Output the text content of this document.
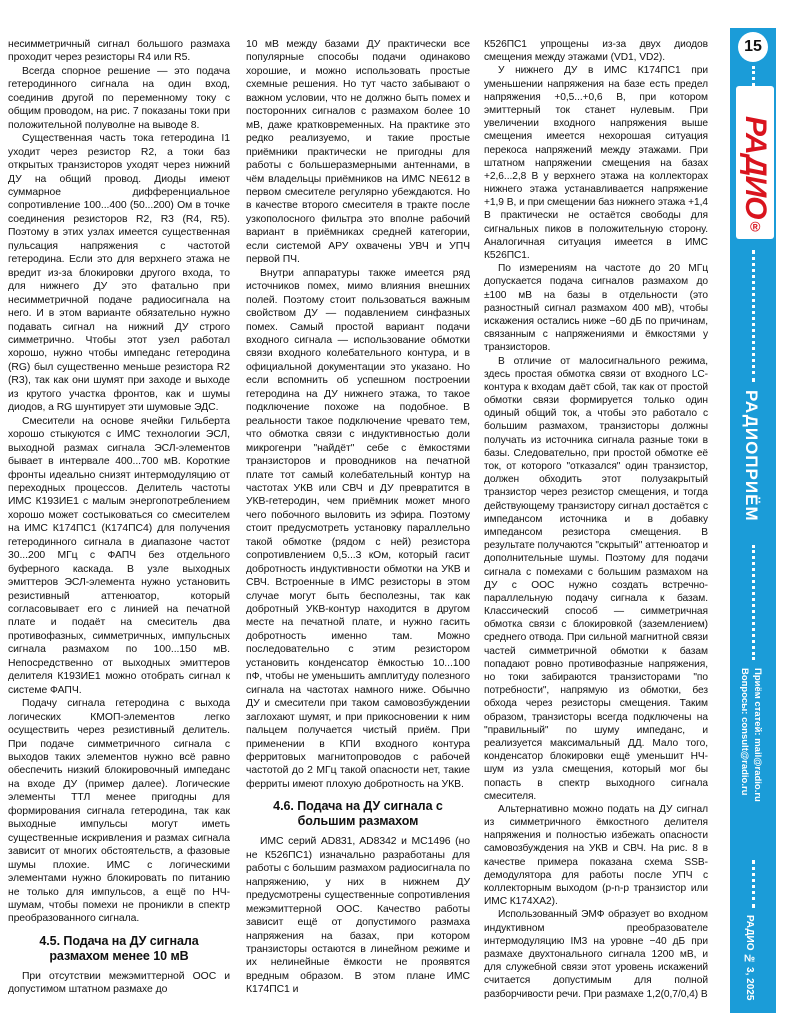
15
РАДИО®
РАДИОПРИЁМ
Приём статей: mail@radio.ru
Вопросы: consult@radio.ru
РАДИО № 3, 2025

несимметричный сигнал большого размаха проходит через резисторы R4 или R5.

Всегда спорное решение — это подача гетеродинного сигнала на один вход, соединив другой по переменному току с общим проводом, на рис. 7 показаны токи при положительной полуволне на выводе 8.

Существенная часть тока гетеродина I1 уходит через резистор R2, а токи баз открытых транзисторов уходят через нижний ДУ на общий провод. Диоды имеют суммарное дифференциальное сопротивление 100...400 (50...200) Ом в точке соединения резисторов R2, R3 (R4, R5). Поэтому в этих узлах имеется существенная пульсация напряжения с частотой гетеродина. Если это для верхнего этажа не вредит из-за блокировки другого входа, то для нижнего ДУ это фатально при несимметричной подаче радиосигнала на него. И в этом варианте обязательно нужно подавать сигнал на нижний ДУ строго симметрично. Чтобы этот узел работал хорошо, нужно чтобы импеданс гетеродина (RG) был существенно меньше резистора R2 (R3), так как они шумят при заходе и выходе из крутого участка фронтов, как и шумы диодов, а RG шунтирует эти шумовые ЭДС.

Смесители на основе ячейки Гильберта хорошо стыкуются с ИМС технологии ЭСЛ, выходной размах сигнала ЭСЛ-элементов бывает в интервале 400...700 мВ. Короткие фронты идеально снизят интермодуляцию от переходных процессов. Делитель частоты ИМС К193ИЕ1 с малым энергопотреблением хорошо может состыковаться со смесителем на ИМС К174ПС1 (К174ПС4) для получения гетеродинного сигнала в диапазоне частот 30...200 МГц с ФАПЧ без отдельного буферного каскада. В узле выходных эмиттеров ЭСЛ-элемента нужно установить резистивный аттенюатор, который согласовывает его с линией на печатной плате и подаёт на смеситель два противофазных, симметричных, импульсных сигнала размахом по 100...150 мВ. Непосредственно от выходных эмиттеров делителя К193ИЕ1 можно отобрать сигнал к системе ФАПЧ.

Подачу сигнала гетеродина с выхода логических КМОП-элементов легко осуществить через резистивный делитель. При подаче симметричного сигнала с выходов таких элементов нужно всё равно обеспечить низкий блокировочный импеданс на входе ДУ (пример далее). Логические элементы ТТЛ менее пригодны для формирования сигнала гетеродина, так как выходные импульсы могут иметь существенные искривления и размах сигнала зависит от многих обстоятельств, а фазовые шумы плохие. ИМС с логическими элементами нужно блокировать по питанию не только для импульсов, а ещё по НЧ-шумам, чтобы помехи не проникли в спектр преобразованного сигнала.

4.5. Подача на ДУ сигнала размахом менее 10 мВ

При отсутствии межэмиттерной ООС и допустимом штатном размахе до

10 мВ между базами ДУ практически все популярные способы подачи одинаково хорошие, и можно использовать простые схемные решения. Но тут часто забывают о важном условии, что не должно быть помех и посторонних сигналов с размахом более 10 мВ, даже кратковременных. На практике это редко реализуемо, и такие простые приёмники практически не пригодны для работы с большеразмерными антеннами, в чём владельцы приёмников на ИМС NE612 в первом смесителе регулярно убеждаются. Но в качестве второго смесителя в тракте после узкополосного фильтра это вполне рабочий вариант в приёмниках средней категории, если системой АРУ охвачены УВЧ и УПЧ первой ПЧ.

Внутри аппаратуры также имеется ряд источников помех, мимо влияния внешних полей. Поэтому стоит пользоваться важным свойством ДУ — подавлением синфазных помех. Самый простой вариант подачи входного сигнала — использование обмотки связи входного колебательного контура, и в официальной документации это указано. Но если вспомнить об успешном построении гетеродина на ДУ нижнего этажа, то такое подключение похоже на подобное. В реальности такое подключение чревато тем, что обмотка связи с индуктивностью доли микрогенри "найдёт" себе с ёмкостями транзисторов и проводников на печатной плате тот самый колебательный контур на частотах УКВ или СВЧ и ДУ превратится в УКВ-гетеродин, чем приёмник может много чего побочного выловить из эфира. Поэтому стоит предусмотреть установку параллельно такой обмотке (рядом с ней) резистора сопротивлением 0,5...3 кОм, который гасит добротность индуктивности обмотки на УКВ и СВЧ. Встроенные в ИМС резисторы в этом случае могут быть бесполезны, так как добротный УКВ-контур находится в другом месте на печатной плате, и нужно гасить добротность именно там. Можно последовательно с этим резистором установить конденсатор ёмкостью 10...100 пФ, чтобы не уменьшить амплитуду полезного сигнала на частотах намного ниже. Обычно ДУ и смесители при таком самовозбуждении заглохают шумят, и при прикосновении к ним пальцем получается чистый приём. При применении в КПИ входного контура ферритовых магнитопроводов с рабочей частотой до 2 МГц такой опасности нет, такие ферриты имеют плохую добротность на УКВ.

4.6. Подача на ДУ сигнала с большим размахом

ИМС серий AD831, AD8342 и MC1496 (но не К526ПС1) изначально разработаны для работы с большим размахом радиосигнала по напряжению, у них в нижнем ДУ предусмотрены существенные сопротивления межэмиттерной ООС. Качество работы зависит ещё от допустимого размаха напряжения на базах, при котором транзисторы остаются в линейном режиме и их нелинейные ёмкости не проявятся вредным образом. В этом плане ИМС К174ПС1 и

К526ПС1 упрощены из-за двух диодов смещения между этажами (VD1, VD2).

У нижнего ДУ в ИМС К174ПС1 при уменьшении напряжения на базе есть предел напряжения +0,5...+0,6 В, при котором эмиттерный ток станет нулевым. При увеличении входного напряжения выше смещения имеется нехорошая ситуация перекоса напряжений между этажами. При штатном напряжении смещения на базах +2,6...2,8 В у верхнего этажа на коллекторах нижнего этажа устанавливается напряжение +1,9 В, и при смещении баз нижнего этажа +1,4 В практически не остаётся свободы для сигнальных пиков в положительную сторону. Аналогичная ситуация имеется в ИМС К526ПС1.

По измерениям на частоте до 20 МГц допускается подача сигналов размахом до ±100 мВ на базы в отдельности (это разностный сигнал размахом 400 мВ), чтобы искажения остались ниже −60 дБ по причинам, связанным с напряжениями и ёмкостями у транзисторов.

В отличие от малосигнального режима, здесь простая обмотка связи от входного LC-контура к входам даёт сбой, так как от простой обмотки связи формируется только один одиный общий ток, а чтобы это работало с большим размахом, транзисторы должны получать из источника сигнала разные токи в базы. Следовательно, при простой обмотке её ток, от которого "отказался" один транзистор, должен обходить этот полузакрытый транзистор через резистор смещения, и тогда действующему транзистору сигнал достаётся с импедансом источника и в добавку импедансом резистора смещения. В результате получаются "скрытый" аттенюатор и дополнительные шумы. Поэтому для подачи сигнала с помехами с большим размахом на ДУ с ООС нужно создать встречно-параллельную подачу сигнала к базам. Классический способ — симметричная обмотка связи с блокировкой (заземлением) среднего отвода. При сильной магнитной связи частей симметричной обмотки к базам попадают ровно противофазные напряжения, но токи забираются транзисторами "по потребности", напрямую из обмотки, без обхода через резисторы смещения. Таким образом, транзисторы всегда подключены на "правильный" по шуму импеданс, и реализуется максимальный ДД. Мало того, конденсатор блокировки ещё уменьшит НЧ-шум из узла смещения, который мог бы попасть в спектр выходного сигнала смесителя.

Альтернативно можно подать на ДУ сигнал из симметричного ёмкостного делителя напряжения и полностью избежать опасности самовозбуждения на УКВ и СВЧ. На рис. 8 в качестве примера показана схема SSB-демодулятора для работы после УПЧ с коллекторным выходом (p-n-p транзистор или ИМС К174ХА2).

Использованный ЭМФ образует во входном индуктивном преобразователе интермодуляцию IM3 на уровне −40 дБ при размахе двухтонального сигнала 1200 мВ, и для служебной связи этот уровень искажений считается допустимым для полной разборчивости речи. При размахе 1,2(0,7/0,4) В
